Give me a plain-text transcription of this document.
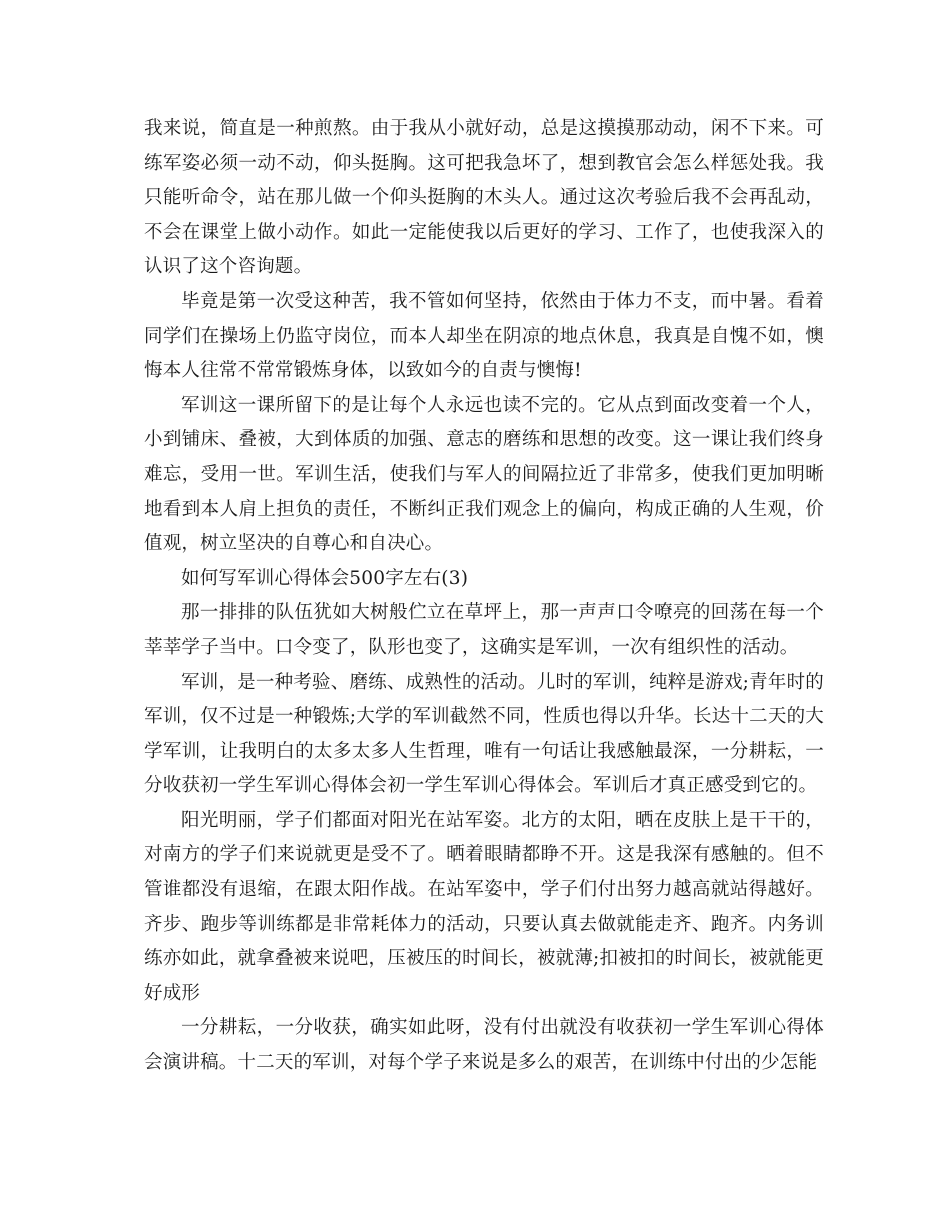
我来说，简直是一种煎熬。由于我从小就好动，总是这摸摸那动动，闲不下来。可练军姿必须一动不动，仰头挺胸。这可把我急坏了，想到教官会怎么样惩处我。我只能听命令，站在那儿做一个仰头挺胸的木头人。通过这次考验后我不会再乱动，不会在课堂上做小动作。如此一定能使我以后更好的学习、工作了，也使我深入的认识了这个咨询题。

毕竟是第一次受这种苦，我不管如何坚持，依然由于体力不支，而中暑。看着同学们在操场上仍监守岗位，而本人却坐在阴凉的地点休息，我真是自愧不如，懊悔本人往常不常常锻炼身体，以致如今的自责与懊悔!

军训这一课所留下的是让每个人永远也读不完的。它从点到面改变着一个人，小到铺床、叠被，大到体质的加强、意志的磨练和思想的改变。这一课让我们终身难忘，受用一世。军训生活，使我们与军人的间隔拉近了非常多，使我们更加明晰地看到本人肩上担负的责任，不断纠正我们观念上的偏向，构成正确的人生观，价值观，树立坚决的自尊心和自决心。

如何写军训心得体会500字左右(3)

那一排排的队伍犹如大树般伫立在草坪上，那一声声口令嘹亮的回荡在每一个莘莘学子当中。口令变了，队形也变了，这确实是军训，一次有组织性的活动。

军训，是一种考验、磨练、成熟性的活动。儿时的军训，纯粹是游戏;青年时的军训，仅不过是一种锻炼;大学的军训截然不同，性质也得以升华。长达十二天的大学军训，让我明白的太多太多人生哲理，唯有一句话让我感触最深，一分耕耘，一分收获初一学生军训心得体会初一学生军训心得体会。军训后才真正感受到它的。

阳光明丽，学子们都面对阳光在站军姿。北方的太阳，晒在皮肤上是干干的，对南方的学子们来说就更是受不了。晒着眼睛都睁不开。这是我深有感触的。但不管谁都没有退缩，在跟太阳作战。在站军姿中，学子们付出努力越高就站得越好。齐步、跑步等训练都是非常耗体力的活动，只要认真去做就能走齐、跑齐。内务训练亦如此，就拿叠被来说吧，压被压的时间长，被就薄;扣被扣的时间长，被就能更好成形

一分耕耘，一分收获，确实如此呀，没有付出就没有收获初一学生军训心得体会演讲稿。十二天的军训，对每个学子来说是多么的艰苦，在训练中付出的少怎能
